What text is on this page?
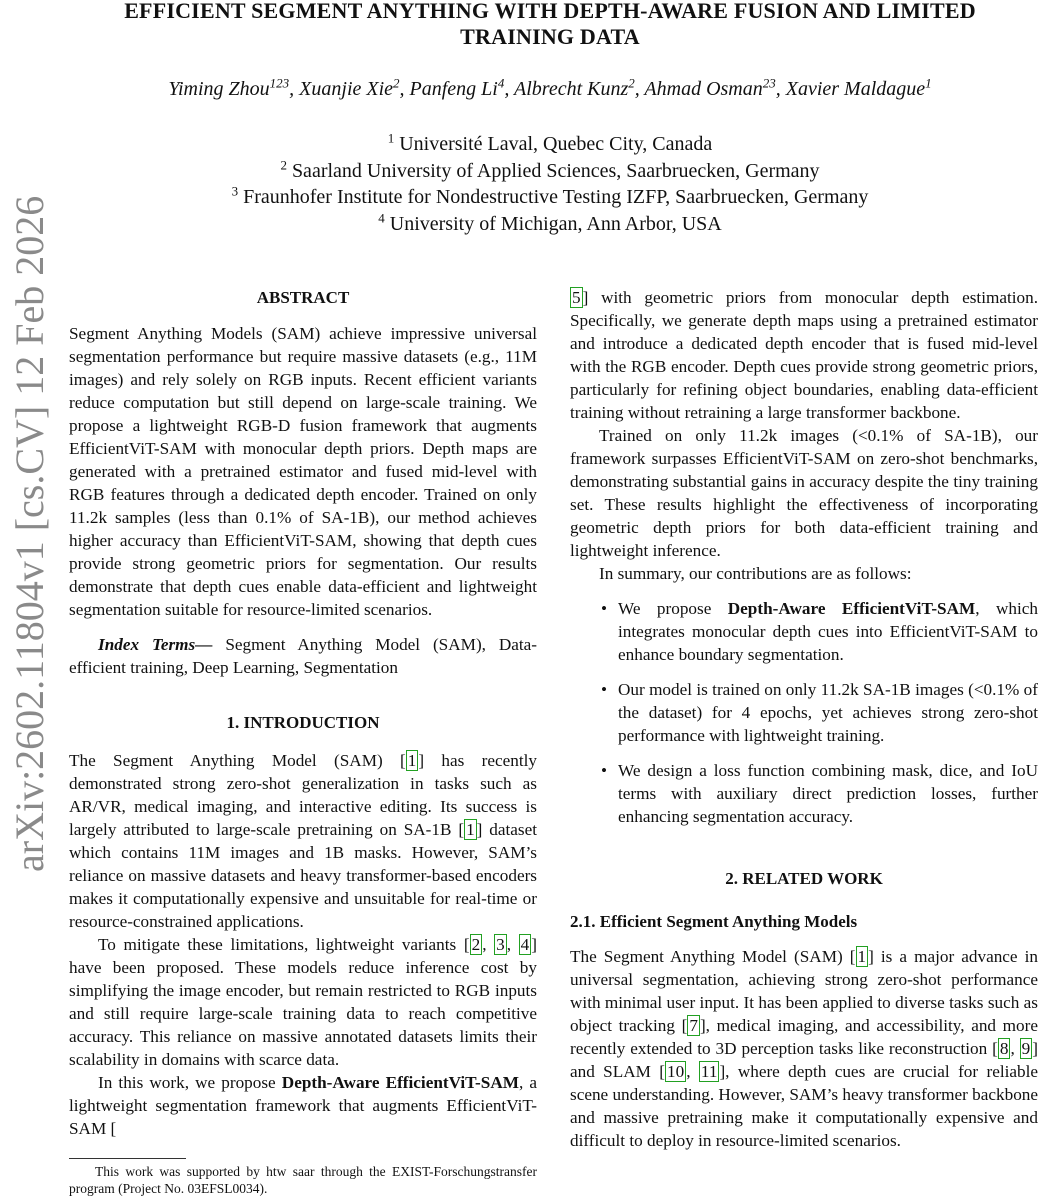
EFFICIENT SEGMENT ANYTHING WITH DEPTH-AWARE FUSION AND LIMITED
TRAINING DATA
Yiming Zhou$^{123}$, Xuanjie Xie$^2$, Panfeng Li$^4$, Albrecht Kunz$^2$, Ahmad Osman$^{23}$, Xavier Maldague$^1$
$^1$ Université Laval, Quebec City, Canada
$^2$ Saarland University of Applied Sciences, Saarbruecken, Germany
$^3$ Fraunhofer Institute for Nondestructive Testing IZFP, Saarbruecken, Germany
$^4$ University of Michigan, Ann Arbor, USA
arXiv:2602.11804v1 [cs.CV] 12 Feb 2026	ABSTRACT

Segment Anything Models (SAM) achieve impressive universal segmentation performance but require massive datasets (e.g., 11M images) and rely solely on RGB inputs. Recent efficient variants reduce computation but still depend on large-scale training. We propose a lightweight RGB-D fusion framework that augments EfficientViT-SAM with monocular depth priors. Depth maps are generated with a pretrained estimator and fused mid-level with RGB features through a dedicated depth encoder. Trained on only 11.2k samples (less than 0.1% of SA-1B), our method achieves higher accuracy than EfficientViT-SAM, showing that depth cues provide strong geometric priors for segmentation. Our results demonstrate that depth cues enable data-efficient and lightweight segmentation suitable for resource-limited scenarios.

Index Terms— Segment Anything Model (SAM), Data-efficient training, Deep Learning, Segmentation

1. INTRODUCTION

The Segment Anything Model (SAM) [ 1 ] has recently demonstrated strong zero-shot generalization in tasks such as AR/VR, medical imaging, and interactive editing. Its success is largely attributed to large-scale pretraining on SA-1B [ 1 ] dataset which contains 11M images and 1B masks. However, SAM’s reliance on massive datasets and heavy transformer-based encoders makes it computationally expensive and unsuitable for real-time or resource-constrained applications.

To mitigate these limitations, lightweight variants [ 2 , 3 , 4 ] have been proposed. These models reduce inference cost by simplifying the image encoder, but remain restricted to RGB inputs and still require large-scale training data to reach competitive accuracy. This reliance on massive annotated datasets limits their scalability in domains with scarce data.

In this work, we propose Depth-Aware EfficientViT-SAM, a lightweight segmentation framework that augments EfficientViT-SAM [

5 ] with geometric priors from monocular depth estimation. Specifically, we generate depth maps using a pretrained estimator and introduce a dedicated depth encoder that is fused mid-level with the RGB encoder. Depth cues provide strong geometric priors, particularly for refining object boundaries, enabling data-efficient training without retraining a large transformer backbone.

Trained on only 11.2k images (<0.1% of SA-1B), our framework surpasses EfficientViT-SAM on zero-shot benchmarks, demonstrating substantial gains in accuracy despite the tiny training set. These results highlight the effectiveness of incorporating geometric depth priors for both data-efficient training and lightweight inference.

In summary, our contributions are as follows:

• We propose Depth-Aware EfficientViT-SAM, which integrates monocular depth cues into EfficientViT-SAM to enhance boundary segmentation.
• Our model is trained on only 11.2k SA-1B images (<0.1% of the dataset) for 4 epochs, yet achieves strong zero-shot performance with lightweight training.
• We design a loss function combining mask, dice, and IoU terms with auxiliary direct prediction losses, further enhancing segmentation accuracy.

2. RELATED WORK

2.1. Efficient Segment Anything Models

The Segment Anything Model (SAM) [ 1 ] is a major advance in universal segmentation, achieving strong zero-shot performance with minimal user input. It has been applied to diverse tasks such as object tracking [ 7 ], medical imaging, and accessibility, and more recently extended to 3D perception tasks like reconstruction [ 8 , 9 ] and SLAM [ 10 , 11 ], where depth cues are crucial for reliable scene understanding. However, SAM’s heavy transformer backbone and massive pretraining make it computationally expensive and difficult to deploy in resource-limited scenarios.

This work was supported by htw saar through the EXIST-Forschungstransfer program (Project No. 03EFSL0034).
